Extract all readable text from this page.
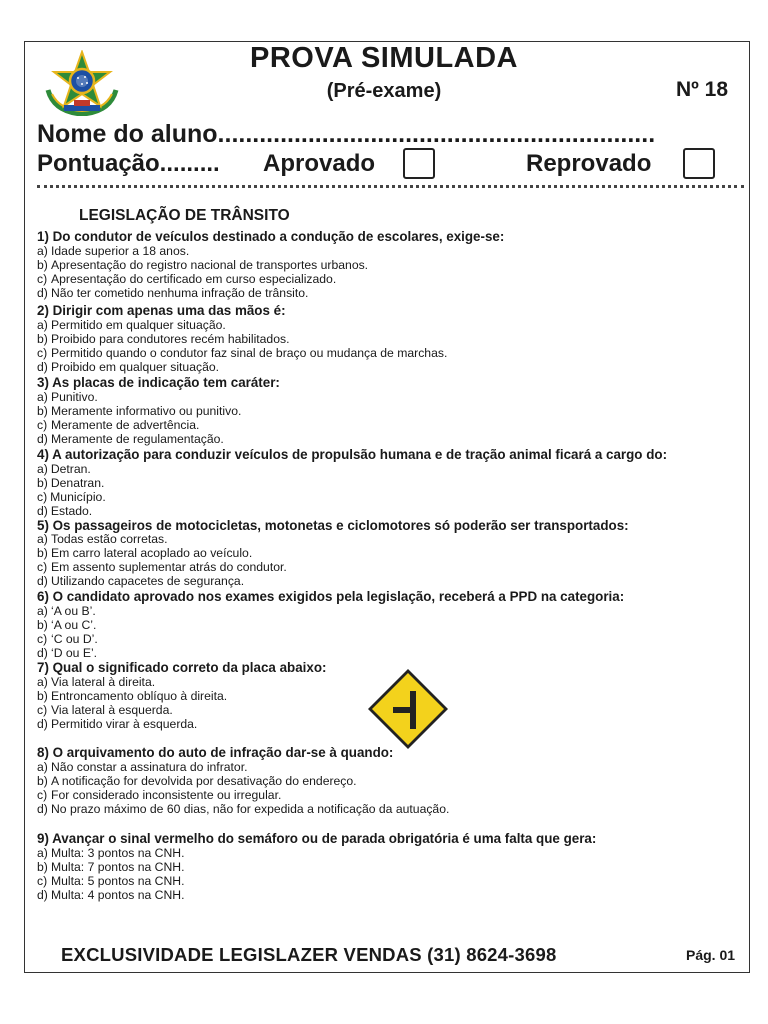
PROVA SIMULADA
(Pré-exame)	Nº 18
Nome do aluno...............................................................
Pontuação......... Aprovado	Reprovado
LEGISLAÇÃO DE TRÂNSITO
1) Do condutor de veículos destinado a condução de escolares, exige-se:
a) Idade superior a 18 anos.
b) Apresentação do registro nacional de transportes urbanos.
c) Apresentação do certificado em curso especializado.
d) Não ter cometido nenhuma infração de trânsito.
2) Dirigir com apenas uma das mãos é:
a) Permitido em qualquer situação.
b) Proibido para condutores recém habilitados.
c) Permitido quando o condutor faz sinal de braço ou mudança de marchas.
d) Proibido em qualquer situação.
3) As placas de indicação tem caráter:
a) Punitivo.
b) Meramente informativo ou punitivo.
c) Meramente de advertência.
d) Meramente de regulamentação.
4) A autorização para conduzir veículos de propulsão humana e de tração animal ficará a cargo do:
a) Detran.
b) Denatran.
c) Município.
d) Estado.
5) Os passageiros de motocicletas, motonetas e ciclomotores só poderão ser transportados:
a) Todas estão corretas.
b) Em carro lateral acoplado ao veículo.
c) Em assento suplementar atrás do condutor.
d) Utilizando capacetes de segurança.
6) O candidato aprovado nos exames exigidos pela legislação, receberá a PPD na categoria:
a) ‘A ou B’.
b) ‘A ou C’.
c) ‘C ou D’.
d) ‘D ou E’.
7) Qual o significado correto da placa abaixo:
a) Via lateral à direita.
b) Entroncamento oblíquo à direita.
c) Via lateral à esquerda.
d) Permitido virar à esquerda.
8) O arquivamento do auto de infração dar-se à quando:
a) Não constar a assinatura do infrator.
b) A notificação for devolvida por desativação do endereço.
c) For considerado inconsistente ou irregular.
d) No prazo máximo de 60 dias, não for expedida a notificação da autuação.
9) Avançar o sinal vermelho do semáforo ou de parada obrigatória é uma falta que gera:
a) Multa: 3 pontos na CNH.
b) Multa: 7 pontos na CNH.
c) Multa: 5 pontos na CNH.
d) Multa: 4 pontos na CNH.
EXCLUSIVIDADE LEGISLAZER VENDAS (31) 8624-3698	Pág. 01
